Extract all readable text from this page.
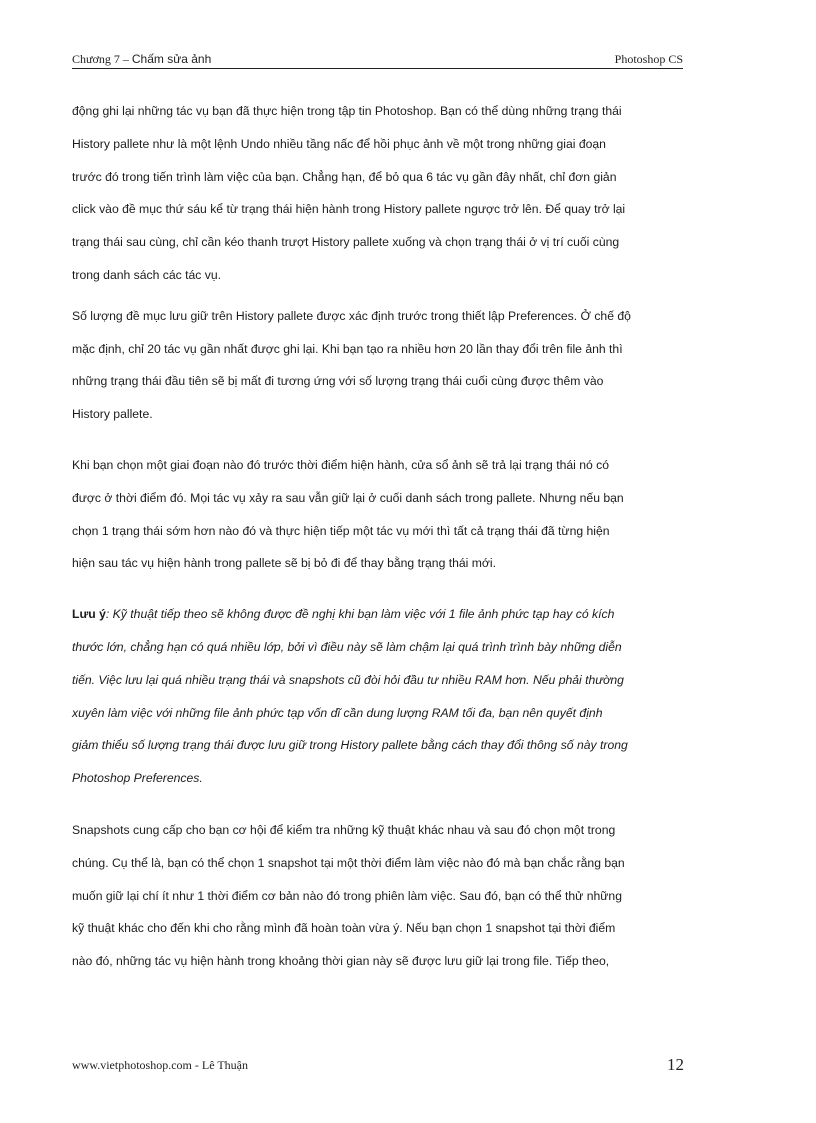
Chương 7 – Chấm sửa ảnh	Photoshop CS
động ghi lại những tác vụ bạn đã thực hiện trong tập tin Photoshop. Bạn có thể dùng những trạng thái
History pallete như là một lệnh Undo nhiều tầng nấc để hồi phục ảnh về một trong những giai đoạn
trước đó trong tiến trình làm việc của bạn. Chẳng hạn, để bỏ qua 6 tác vụ gần đây nhất, chỉ đơn giản
click vào đề mục thứ sáu kể từ trạng thái hiện hành trong History pallete ngược trở lên. Để quay trở lại
trạng thái sau cùng, chỉ cần kéo thanh trượt History pallete xuống và chọn trạng thái ở vị trí cuối cùng
trong danh sách các tác vụ.
Số lượng đề mục lưu giữ trên History pallete được xác định trước trong thiết lập Preferences. Ở chế độ
mặc định, chỉ 20 tác vụ gần nhất được ghi lại. Khi bạn tạo ra nhiều hơn 20 lần thay đổi trên file ảnh thì
những trạng thái đầu tiên sẽ bị mất đi tương ứng với số lượng trạng thái cuối cùng được thêm vào
History pallete.
Khi bạn chọn một giai đoạn nào đó trước thời điểm hiện hành, cửa sổ ảnh sẽ trả lại trạng thái nó có
được ở thời điểm đó. Mọi tác vụ xảy ra sau vẫn giữ lại ở cuối danh sách trong pallete. Nhưng nếu bạn
chọn 1 trạng thái sớm hơn nào đó và thực hiện tiếp một tác vụ mới thì tất cả trạng thái đã từng hiện
hiện sau tác vụ hiện hành trong pallete sẽ bị bỏ đi để thay bằng trạng thái mới.
Lưu ý: Kỹ thuật tiếp theo sẽ không được đề nghị khi bạn làm việc với 1 file ảnh phức tạp hay có kích
thước lớn, chẳng hạn có quá nhiều lớp, bởi vì điều này sẽ làm chậm lại quá trình trình bày những diễn
tiến. Việc lưu lại quá nhiều trạng thái và snapshots cũ đòi hỏi đầu tư nhiều RAM hơn. Nếu phải thường
xuyên làm việc với những file ảnh phức tạp vốn dĩ cần dung lượng RAM tối đa, bạn nên quyết định
giảm thiểu số lượng trạng thái được lưu giữ trong History pallete bằng cách thay đổi thông số này trong
Photoshop Preferences.
Snapshots cung cấp cho bạn cơ hội để kiểm tra những kỹ thuật khác nhau và sau đó chọn một trong
chúng. Cụ thể là, bạn có thể chọn 1 snapshot tại một thời điểm làm việc nào đó mà bạn chắc rằng bạn
muốn giữ lại chí ít như 1 thời điểm cơ bản nào đó trong phiên làm việc. Sau đó, bạn có thể thử những
kỹ thuật khác cho đến khi cho rằng mình đã hoàn toàn vừa ý. Nếu bạn chọn 1 snapshot tại thời điểm
nào đó, những tác vụ hiện hành trong khoảng thời gian này sẽ được lưu giữ lại trong file. Tiếp theo,
www.vietphotoshop.com - Lê Thuận	12
